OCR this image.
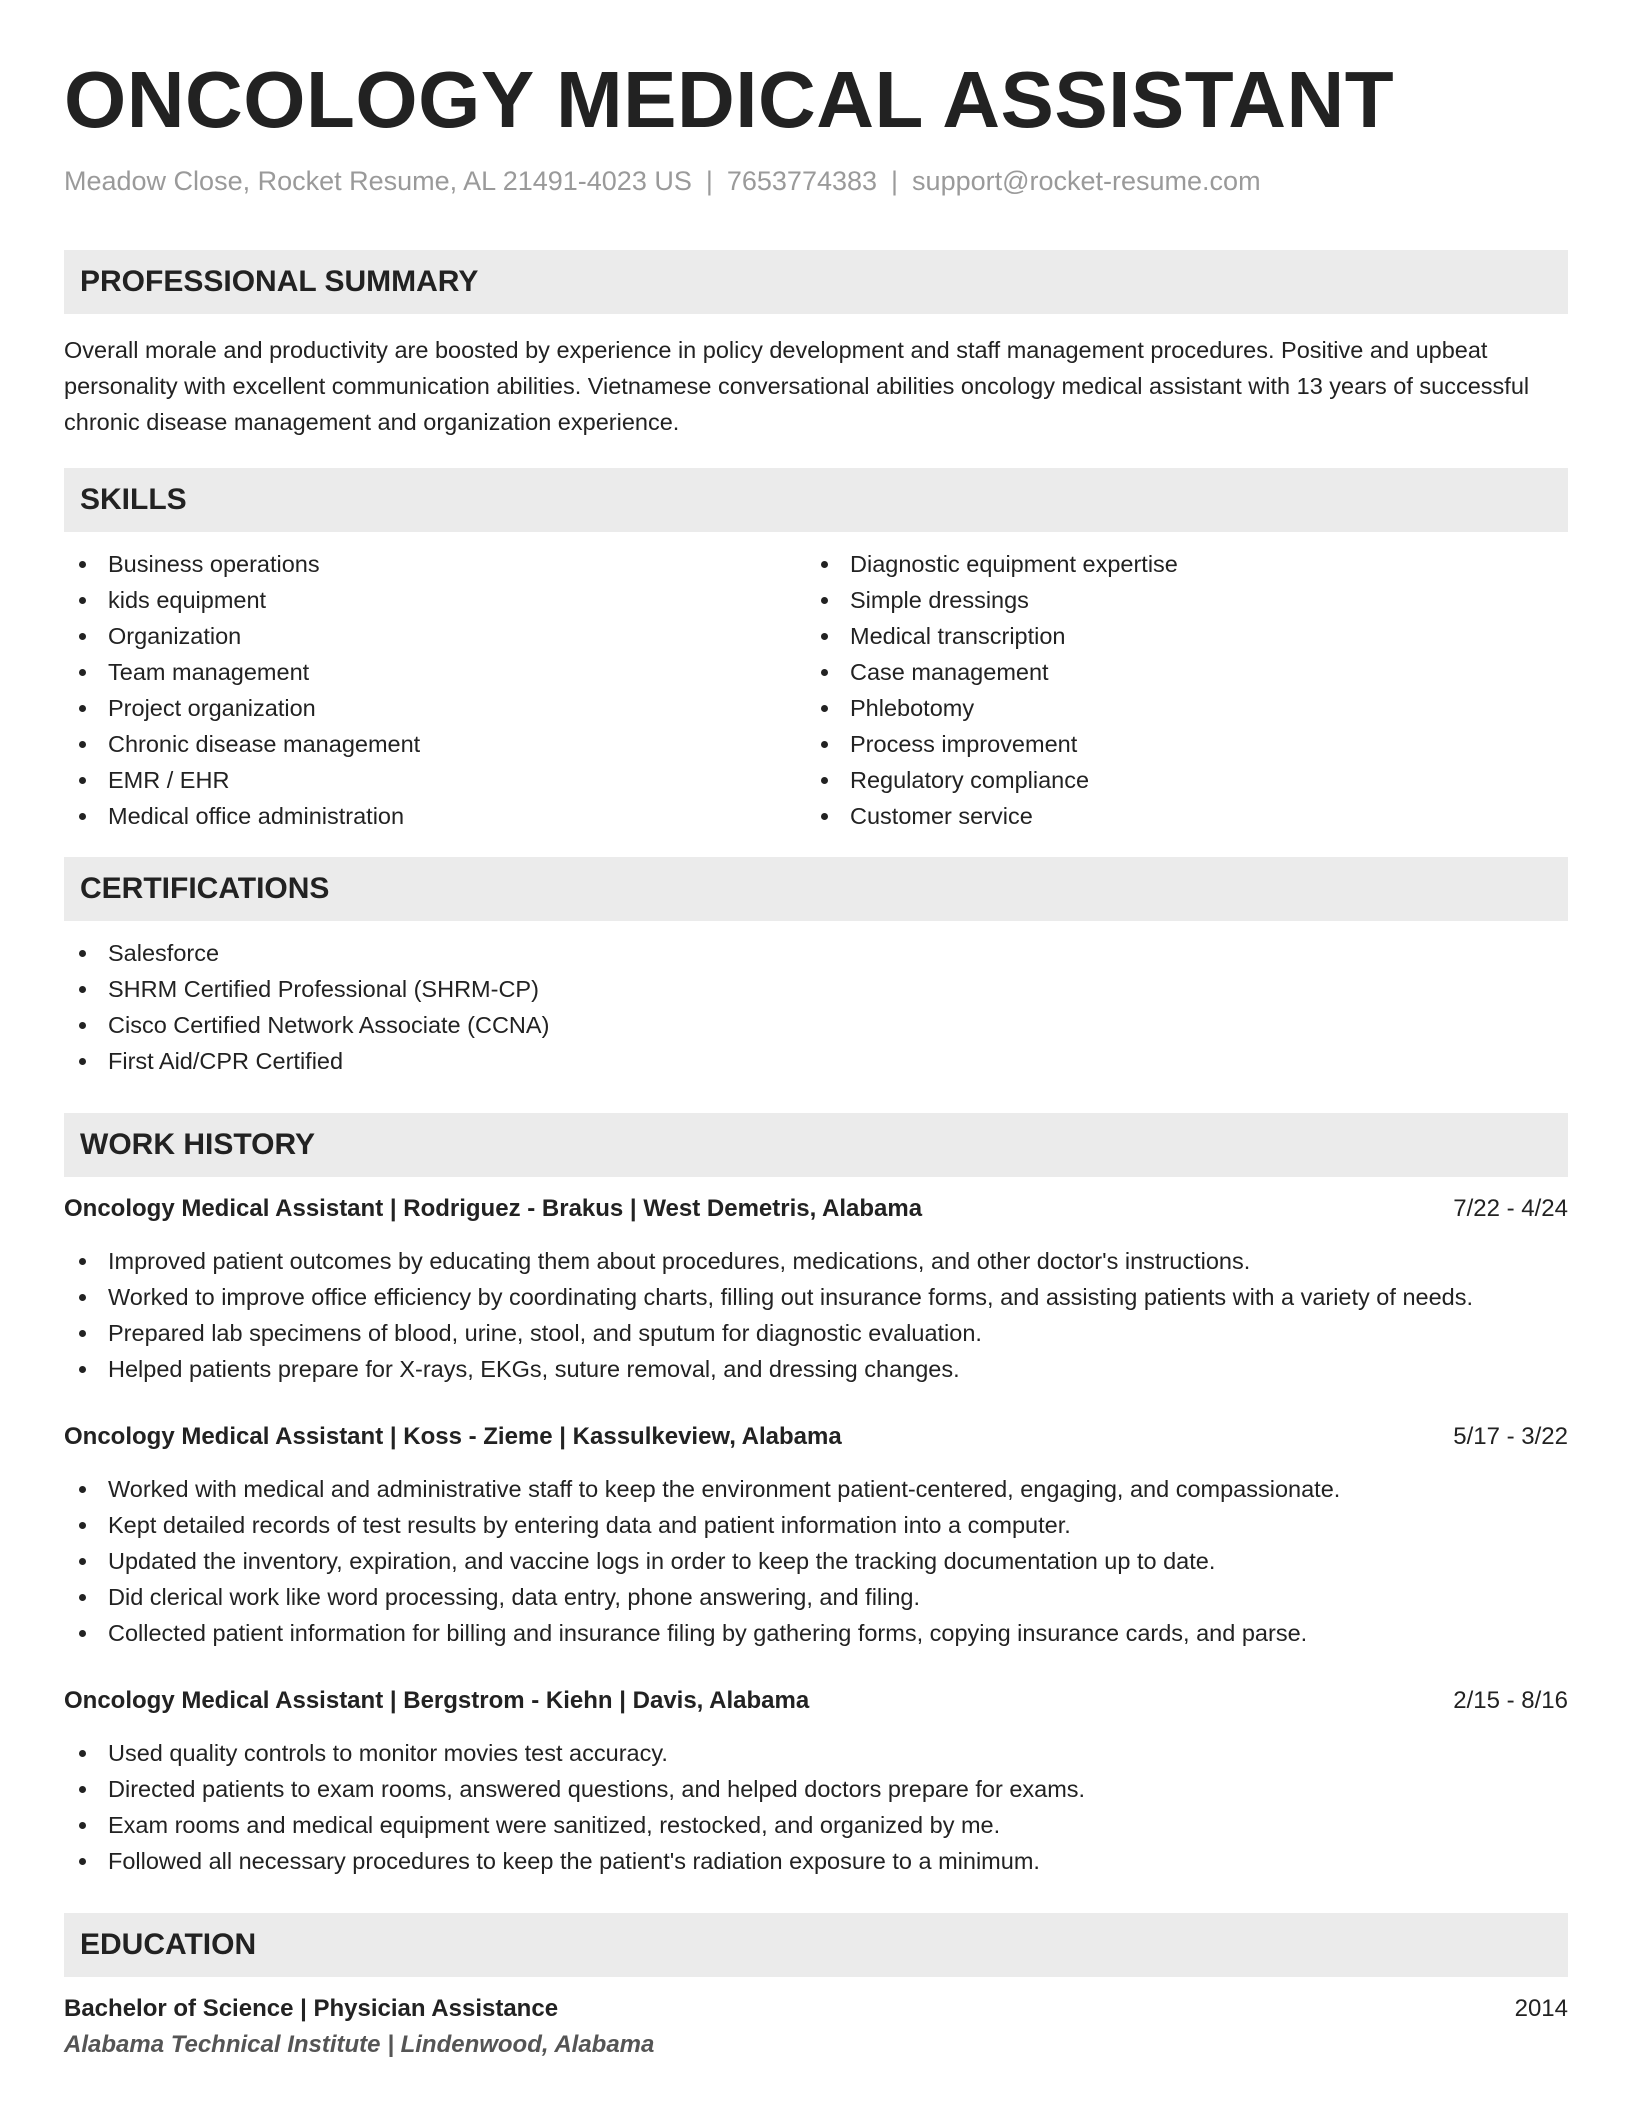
ONCOLOGY MEDICAL ASSISTANT
Meadow Close, Rocket Resume, AL 21491-4023 US | 7653774383 | support@rocket-resume.com
PROFESSIONAL SUMMARY

Overall morale and productivity are boosted by experience in policy development and staff management procedures. Positive and upbeat personality with excellent communication abilities. Vietnamese conversational abilities oncology medical assistant with 13 years of successful chronic disease management and organization experience.

SKILLS
Business operations
kids equipment
Organization
Team management
Project organization
Chronic disease management
EMR / EHR
Medical office administration
Diagnostic equipment expertise
Simple dressings
Medical transcription
Case management
Phlebotomy
Process improvement
Regulatory compliance
Customer service
CERTIFICATIONS
Salesforce
SHRM Certified Professional (SHRM-CP)
Cisco Certified Network Associate (CCNA)
First Aid/CPR Certified
WORK HISTORY
Oncology Medical Assistant | Rodriguez - Brakus | West Demetris, Alabama	7/22 - 4/24
Improved patient outcomes by educating them about procedures, medications, and other doctor's instructions.
Worked to improve office efficiency by coordinating charts, filling out insurance forms, and assisting patients with a variety of needs.
Prepared lab specimens of blood, urine, stool, and sputum for diagnostic evaluation.
Helped patients prepare for X-rays, EKGs, suture removal, and dressing changes.
Oncology Medical Assistant | Koss - Zieme | Kassulkeview, Alabama	5/17 - 3/22
Worked with medical and administrative staff to keep the environment patient-centered, engaging, and compassionate.
Kept detailed records of test results by entering data and patient information into a computer.
Updated the inventory, expiration, and vaccine logs in order to keep the tracking documentation up to date.
Did clerical work like word processing, data entry, phone answering, and filing.
Collected patient information for billing and insurance filing by gathering forms, copying insurance cards, and parse.
Oncology Medical Assistant | Bergstrom - Kiehn | Davis, Alabama	2/15 - 8/16
Used quality controls to monitor movies test accuracy.
Directed patients to exam rooms, answered questions, and helped doctors prepare for exams.
Exam rooms and medical equipment were sanitized, restocked, and organized by me.
Followed all necessary procedures to keep the patient's radiation exposure to a minimum.
EDUCATION
Bachelor of Science | Physician Assistance	2014
Alabama Technical Institute | Lindenwood, Alabama
